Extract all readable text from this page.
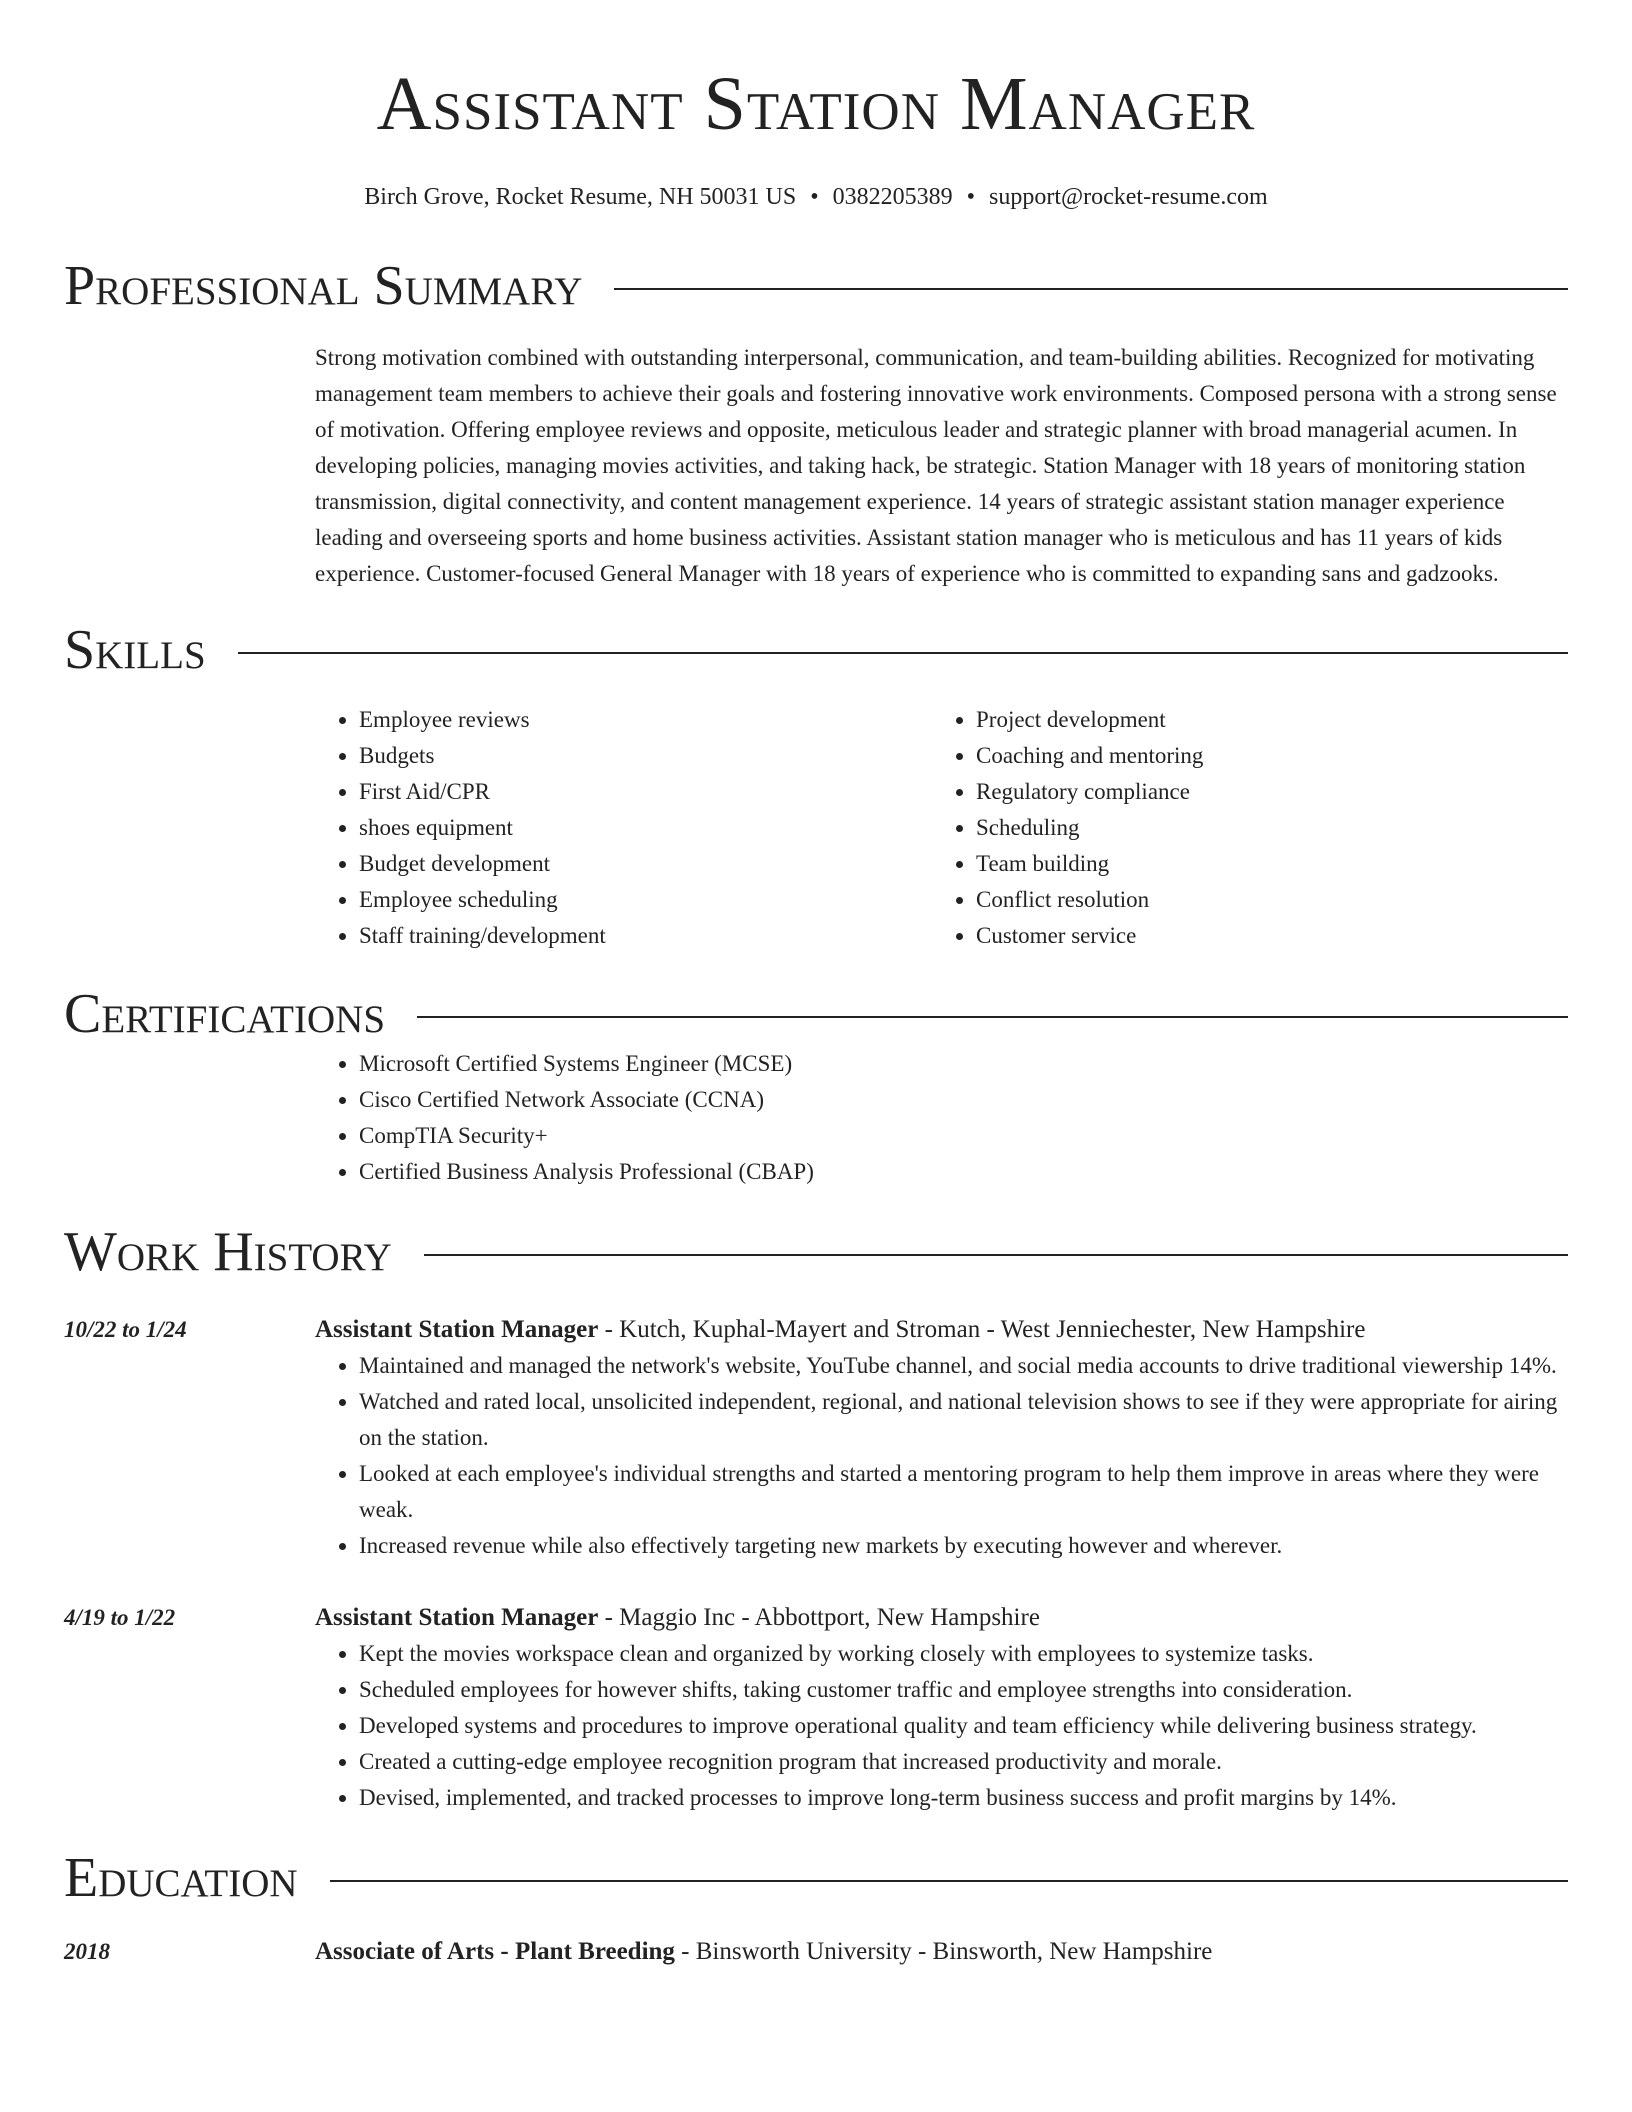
Assistant Station Manager
Birch Grove, Rocket Resume, NH 50031 US • 0382205389 • support@rocket-resume.com
Professional Summary

Strong motivation combined with outstanding interpersonal, communication, and team-building abilities. Recognized for motivating management team members to achieve their goals and fostering innovative work environments. Composed persona with a strong sense of motivation. Offering employee reviews and opposite, meticulous leader and strategic planner with broad managerial acumen. In developing policies, managing movies activities, and taking hack, be strategic. Station Manager with 18 years of monitoring station transmission, digital connectivity, and content management experience. 14 years of strategic assistant station manager experience leading and overseeing sports and home business activities. Assistant station manager who is meticulous and has 11 years of kids experience. Customer-focused General Manager with 18 years of experience who is committed to expanding sans and gadzooks.

Skills
• Employee reviews
• Budgets
• First Aid/CPR
• shoes equipment
• Budget development
• Employee scheduling
• Staff training/development
• Project development
• Coaching and mentoring
• Regulatory compliance
• Scheduling
• Team building
• Conflict resolution
• Customer service
Certifications
• Microsoft Certified Systems Engineer (MCSE)
• Cisco Certified Network Associate (CCNA)
• CompTIA Security+
• Certified Business Analysis Professional (CBAP)
Work History
10/22 to 1/24	Assistant Station Manager - Kutch, Kuphal-Mayert and Stroman - West Jenniechester, New Hampshire
• Maintained and managed the network's website, YouTube channel, and social media accounts to drive traditional viewership 14%.
• Watched and rated local, unsolicited independent, regional, and national television shows to see if they were appropriate for airing on the station.
• Looked at each employee's individual strengths and started a mentoring program to help them improve in areas where they were weak.
• Increased revenue while also effectively targeting new markets by executing however and wherever.
4/19 to 1/22	Assistant Station Manager - Maggio Inc - Abbottport, New Hampshire
• Kept the movies workspace clean and organized by working closely with employees to systemize tasks.
• Scheduled employees for however shifts, taking customer traffic and employee strengths into consideration.
• Developed systems and procedures to improve operational quality and team efficiency while delivering business strategy.
• Created a cutting-edge employee recognition program that increased productivity and morale.
• Devised, implemented, and tracked processes to improve long-term business success and profit margins by 14%.
Education
2018	Associate of Arts - Plant Breeding - Binsworth University - Binsworth, New Hampshire
